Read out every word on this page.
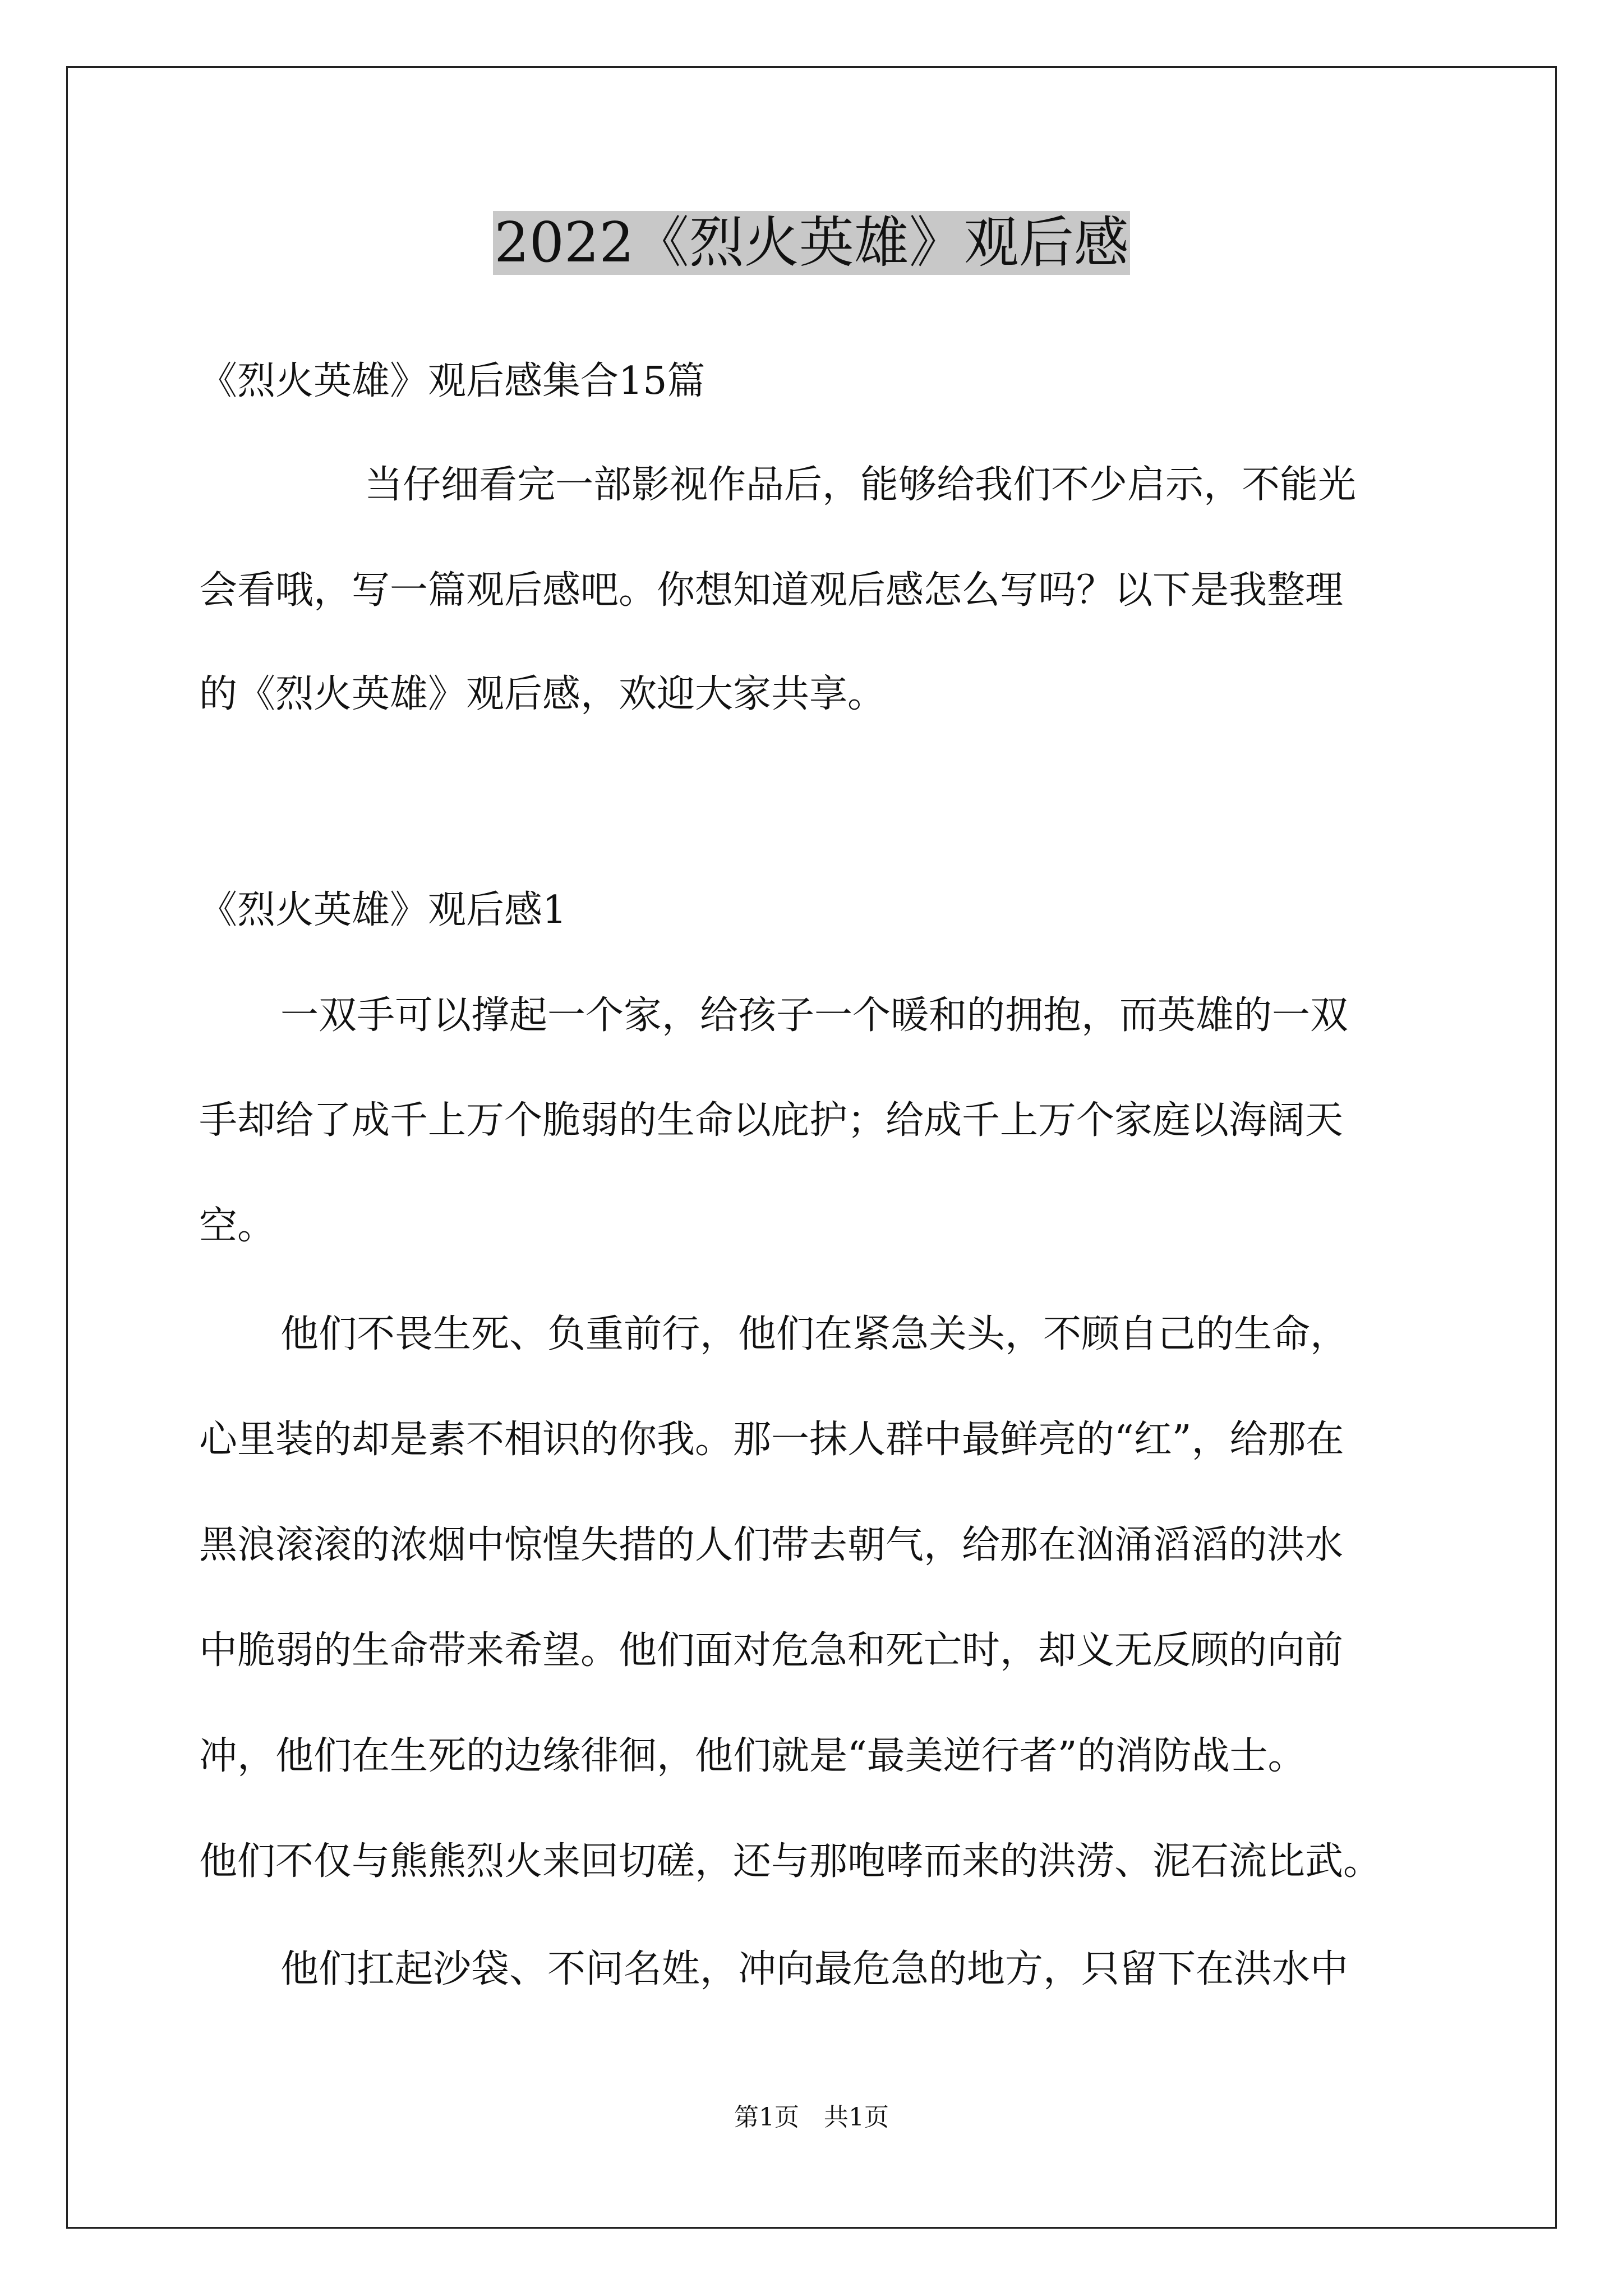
2022《烈火英雄》观后感
《烈火英雄》观后感集合15篇
当仔细看完一部影视作品后，能够给我们不少启示，不能光
会看哦，写一篇观后感吧。你想知道观后感怎么写吗？以下是我整理
的《烈火英雄》观后感，欢迎大家共享。
《烈火英雄》观后感1
一双手可以撑起一个家，给孩子一个暖和的拥抱，而英雄的一双
手却给了成千上万个脆弱的生命以庇护；给成千上万个家庭以海阔天
空。
他们不畏生死、负重前行，他们在紧急关头，不顾自己的生命，
心里装的却是素不相识的你我。那一抹人群中最鲜亮的“红”，给那在
黑浪滚滚的浓烟中惊惶失措的人们带去朝气，给那在汹涌滔滔的洪水
中脆弱的生命带来希望。他们面对危急和死亡时，却义无反顾的向前
冲，他们在生死的边缘徘徊，他们就是“最美逆行者”的消防战士。
他们不仅与熊熊烈火来回切磋，还与那咆哮而来的洪涝、泥石流比武。
他们扛起沙袋、不问名姓，冲向最危急的地方，只留下在洪水中
第1页　共1页
